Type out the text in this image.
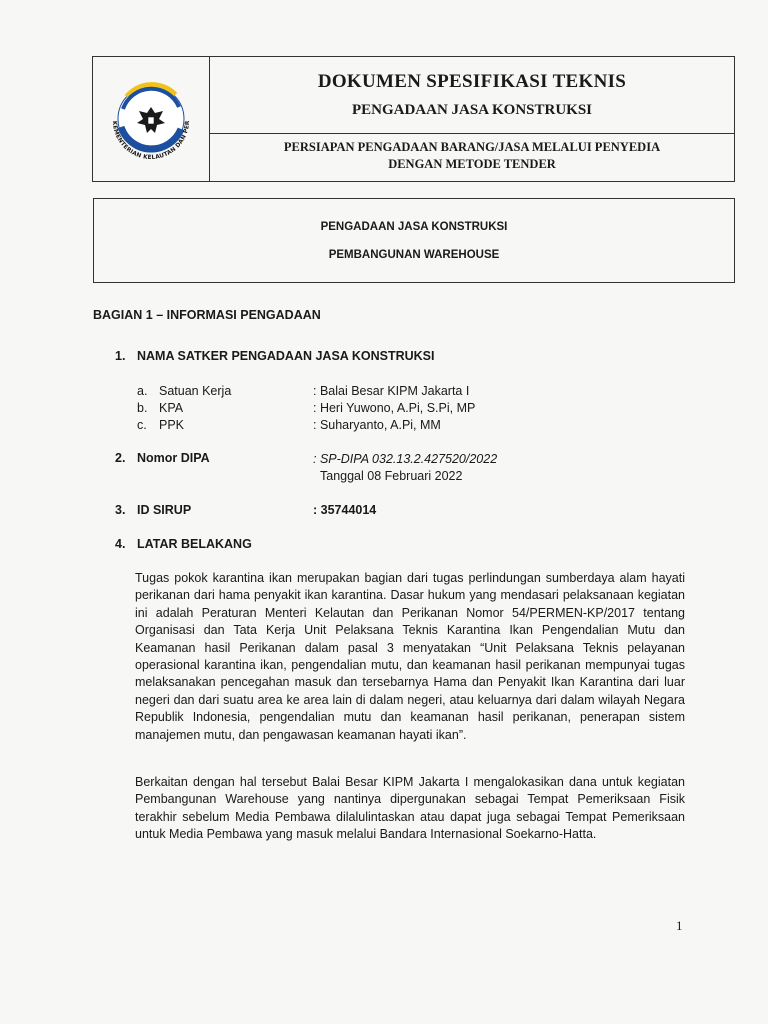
KEMENTERIAN KELAUTAN DAN PER
DOKUMEN SPESIFIKASI TEKNIS
PENGADAAN JASA KONSTRUKSI
PERSIAPAN PENGADAAN BARANG/JASA MELALUI PENYEDIA
DENGAN METODE TENDER
PENGADAAN JASA KONSTRUKSI
PEMBANGUNAN WAREHOUSE
BAGIAN 1 – INFORMASI PENGADAAN
1. NAMA SATKER PENGADAAN JASA KONSTRUKSI
a. Satuan Kerja	: Balai Besar KIPM Jakarta I
b. KPA	: Heri Yuwono, A.Pi, S.Pi, MP
c. PPK	: Suharyanto, A.Pi, MM
2. Nomor DIPA	: SP-DIPA 032.13.2.427520/2022
Tanggal 08 Februari 2022
3. ID SIRUP	: 35744014
4. LATAR BELAKANG
Tugas pokok karantina ikan merupakan bagian dari tugas perlindungan sumberdaya alam hayati perikanan dari hama penyakit ikan karantina. Dasar hukum yang mendasari pelaksanaan kegiatan ini adalah Peraturan Menteri Kelautan dan Perikanan Nomor 54/PERMEN-KP/2017 tentang Organisasi dan Tata Kerja Unit Pelaksana Teknis Karantina Ikan Pengendalian Mutu dan Keamanan hasil Perikanan dalam pasal 3 menyatakan “Unit Pelaksana Teknis pelayanan operasional karantina ikan, pengendalian mutu, dan keamanan hasil perikanan mempunyai tugas melaksanakan pencegahan masuk dan tersebarnya Hama dan Penyakit Ikan Karantina dari luar negeri dan dari suatu area ke area lain di dalam negeri, atau keluarnya dari dalam wilayah Negara Republik Indonesia, pengendalian mutu dan keamanan hasil perikanan, penerapan sistem manajemen mutu, dan pengawasan keamanan hayati ikan”.
Berkaitan dengan hal tersebut Balai Besar KIPM Jakarta I mengalokasikan dana untuk kegiatan Pembangunan Warehouse yang nantinya dipergunakan sebagai Tempat Pemeriksaan Fisik terakhir sebelum Media Pembawa dilalulintaskan atau dapat juga sebagai Tempat Pemeriksaan untuk Media Pembawa yang masuk melalui Bandara Internasional Soekarno-Hatta.
1
